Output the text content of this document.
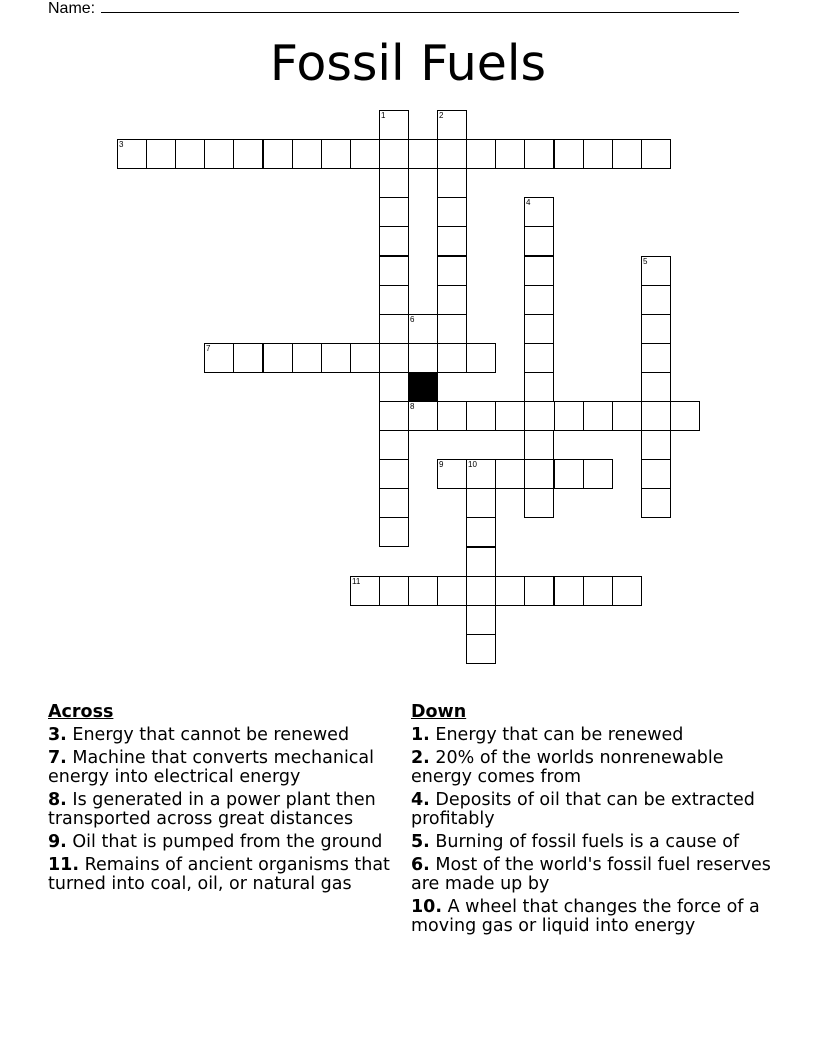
Name:
Fossil Fuels
1	2
3
4
5
6
7
8
9	10
11
Across
3. Energy that cannot be renewed
7. Machine that converts mechanical energy into electrical energy
8. Is generated in a power plant then transported across great distances
9. Oil that is pumped from the ground
11. Remains of ancient organisms that turned into coal, oil, or natural gas
Down
1. Energy that can be renewed
2. 20% of the worlds nonrenewable energy comes from
4. Deposits of oil that can be extracted profitably
5. Burning of fossil fuels is a cause of
6. Most of the world's fossil fuel reserves are made up by
10. A wheel that changes the force of a moving gas or liquid into energy
